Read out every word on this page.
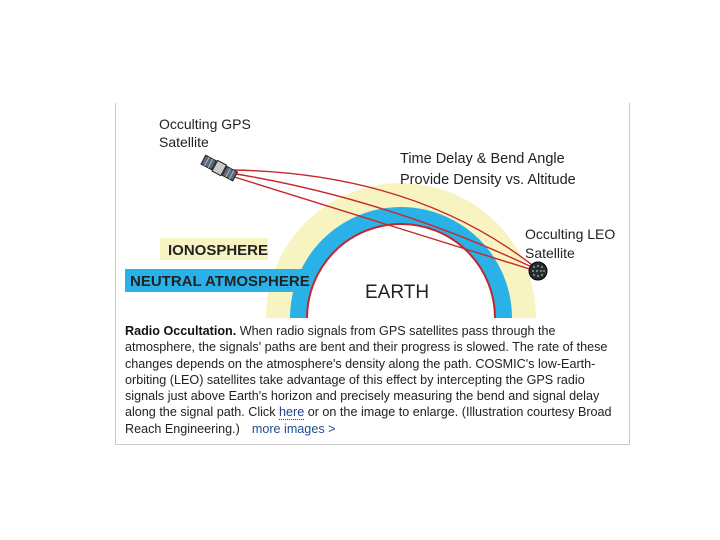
IONOSPHERE
NEUTRAL ATMOSPHERE
EARTH
Occulting GPS
Satellite
Time Delay & Bend Angle
Provide Density vs. Altitude
Occulting LEO
Satellite
Radio Occultation. When radio signals from GPS satellites pass through the atmosphere, the signals' paths are bent and their progress is slowed. The rate of these changes depends on the atmosphere's density along the path. COSMIC's low-Earth-orbiting (LEO) satellites take advantage of this effect by intercepting the GPS radio signals just above Earth's horizon and precisely measuring the bend and signal delay along the signal path. Click here or on the image to enlarge. (Illustration courtesy Broad Reach Engineering.) more images >
